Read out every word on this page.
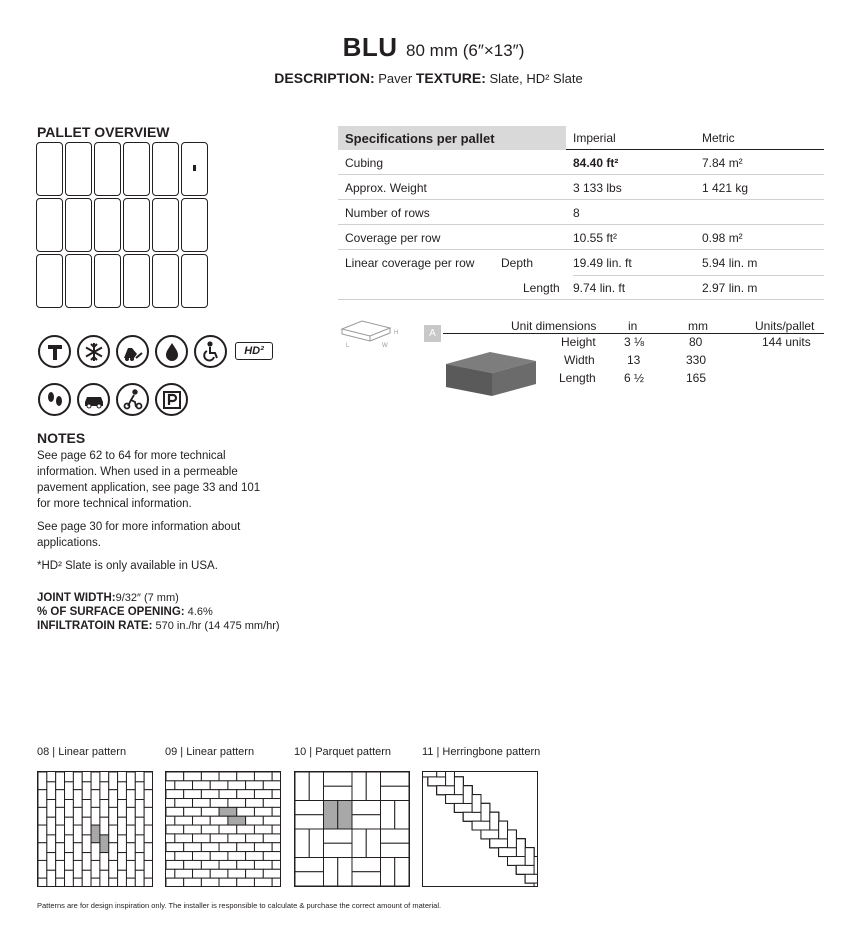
BLU 80 mm (6″×13″)
DESCRIPTION: Paver TEXTURE: Slate, HD² Slate
PALLET OVERVIEW
HD²
NOTES

See page 62 to 64 for more technical information. When used in a permeable pavement application, see page 33 and 101 for more technical information.

See page 30 for more information about applications.

*HD² Slate is only available in USA.

JOINT WIDTH:9/32″ (7 mm)
% OF SURFACE OPENING: 4.6%
INFILTRATOIN RATE: 570 in./hr (14 475 mm/hr)
Specifications per pallet	Imperial	Metric
Cubing	84.40 ft²	7.84 m²
Approx. Weight	3 133 lbs	1 421 kg
Number of rows	8
Coverage per row	10.55 ft²	0.98 m²
Linear coverage per row Depth	19.49 lin. ft	5.94 lin. m
Length 9.74 lin. ft	2.97 lin. m
H
L	W
A
Unit dimensions	in	mm	Units/pallet
Height 3 ⅛	80	144 units
Width	13	330
Length 6 ½	165
08 | Linear pattern	09 | Linear pattern	10 | Parquet pattern	11 | Herringbone pattern
Patterns are for design inspiration only. The installer is responsible to calculate & purchase the correct amount of material.
